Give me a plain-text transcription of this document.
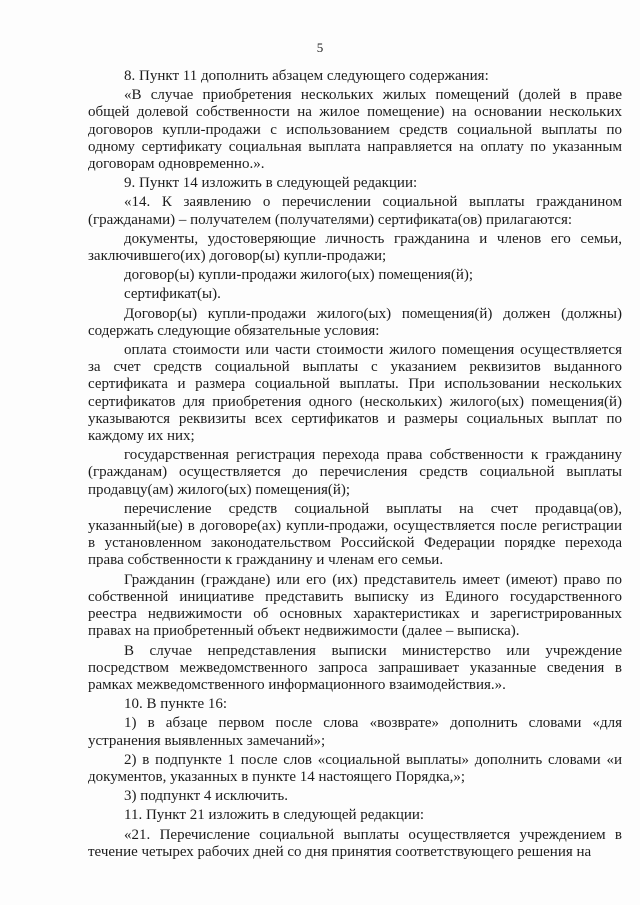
5

8. Пункт 11 дополнить абзацем следующего содержания:

«В случае приобретения нескольких жилых помещений (долей в праве общей долевой собственности на жилое помещение) на основании нескольких договоров купли-продажи с использованием средств социальной выплаты по одному сертификату социальная выплата направляется на оплату по указанным договорам одновременно.».

9. Пункт 14 изложить в следующей редакции:

«14. К заявлению о перечислении социальной выплаты гражданином (гражданами) – получателем (получателями) сертификата(ов) прилагаются:

документы, удостоверяющие личность гражданина и членов его семьи, заключившего(их) договор(ы) купли-продажи;

договор(ы) купли-продажи жилого(ых) помещения(й);

сертификат(ы).

Договор(ы) купли-продажи жилого(ых) помещения(й) должен (должны) содержать следующие обязательные условия:

оплата стоимости или части стоимости жилого помещения осуществляется за счет средств социальной выплаты с указанием реквизитов выданного сертификата и размера социальной выплаты. При использовании нескольких сертификатов для приобретения одного (нескольких) жилого(ых) помещения(й) указываются реквизиты всех сертификатов и размеры социальных выплат по каждому их них;

государственная регистрация перехода права собственности к гражданину (гражданам) осуществляется до перечисления средств социальной выплаты продавцу(ам) жилого(ых) помещения(й);

перечисление средств социальной выплаты на счет продавца(ов), указанный(ые) в договоре(ах) купли-продажи, осуществляется после регистрации в установленном законодательством Российской Федерации порядке перехода права собственности к гражданину и членам его семьи.

Гражданин (граждане) или его (их) представитель имеет (имеют) право по собственной инициативе представить выписку из Единого государственного реестра недвижимости об основных характеристиках и зарегистрированных правах на приобретенный объект недвижимости (далее – выписка).

В случае непредставления выписки министерство или учреждение посредством межведомственного запроса запрашивает указанные сведения в рамках межведомственного информационного взаимодействия.».

10. В пункте 16:

1) в абзаце первом после слова «возврате» дополнить словами «для устранения выявленных замечаний»;

2) в подпункте 1 после слов «социальной выплаты» дополнить словами «и документов, указанных в пункте 14 настоящего Порядка,»;

3) подпункт 4 исключить.

11. Пункт 21 изложить в следующей редакции:

«21. Перечисление социальной выплаты осуществляется учреждением в течение четырех рабочих дней со дня принятия соответствующего решения на
